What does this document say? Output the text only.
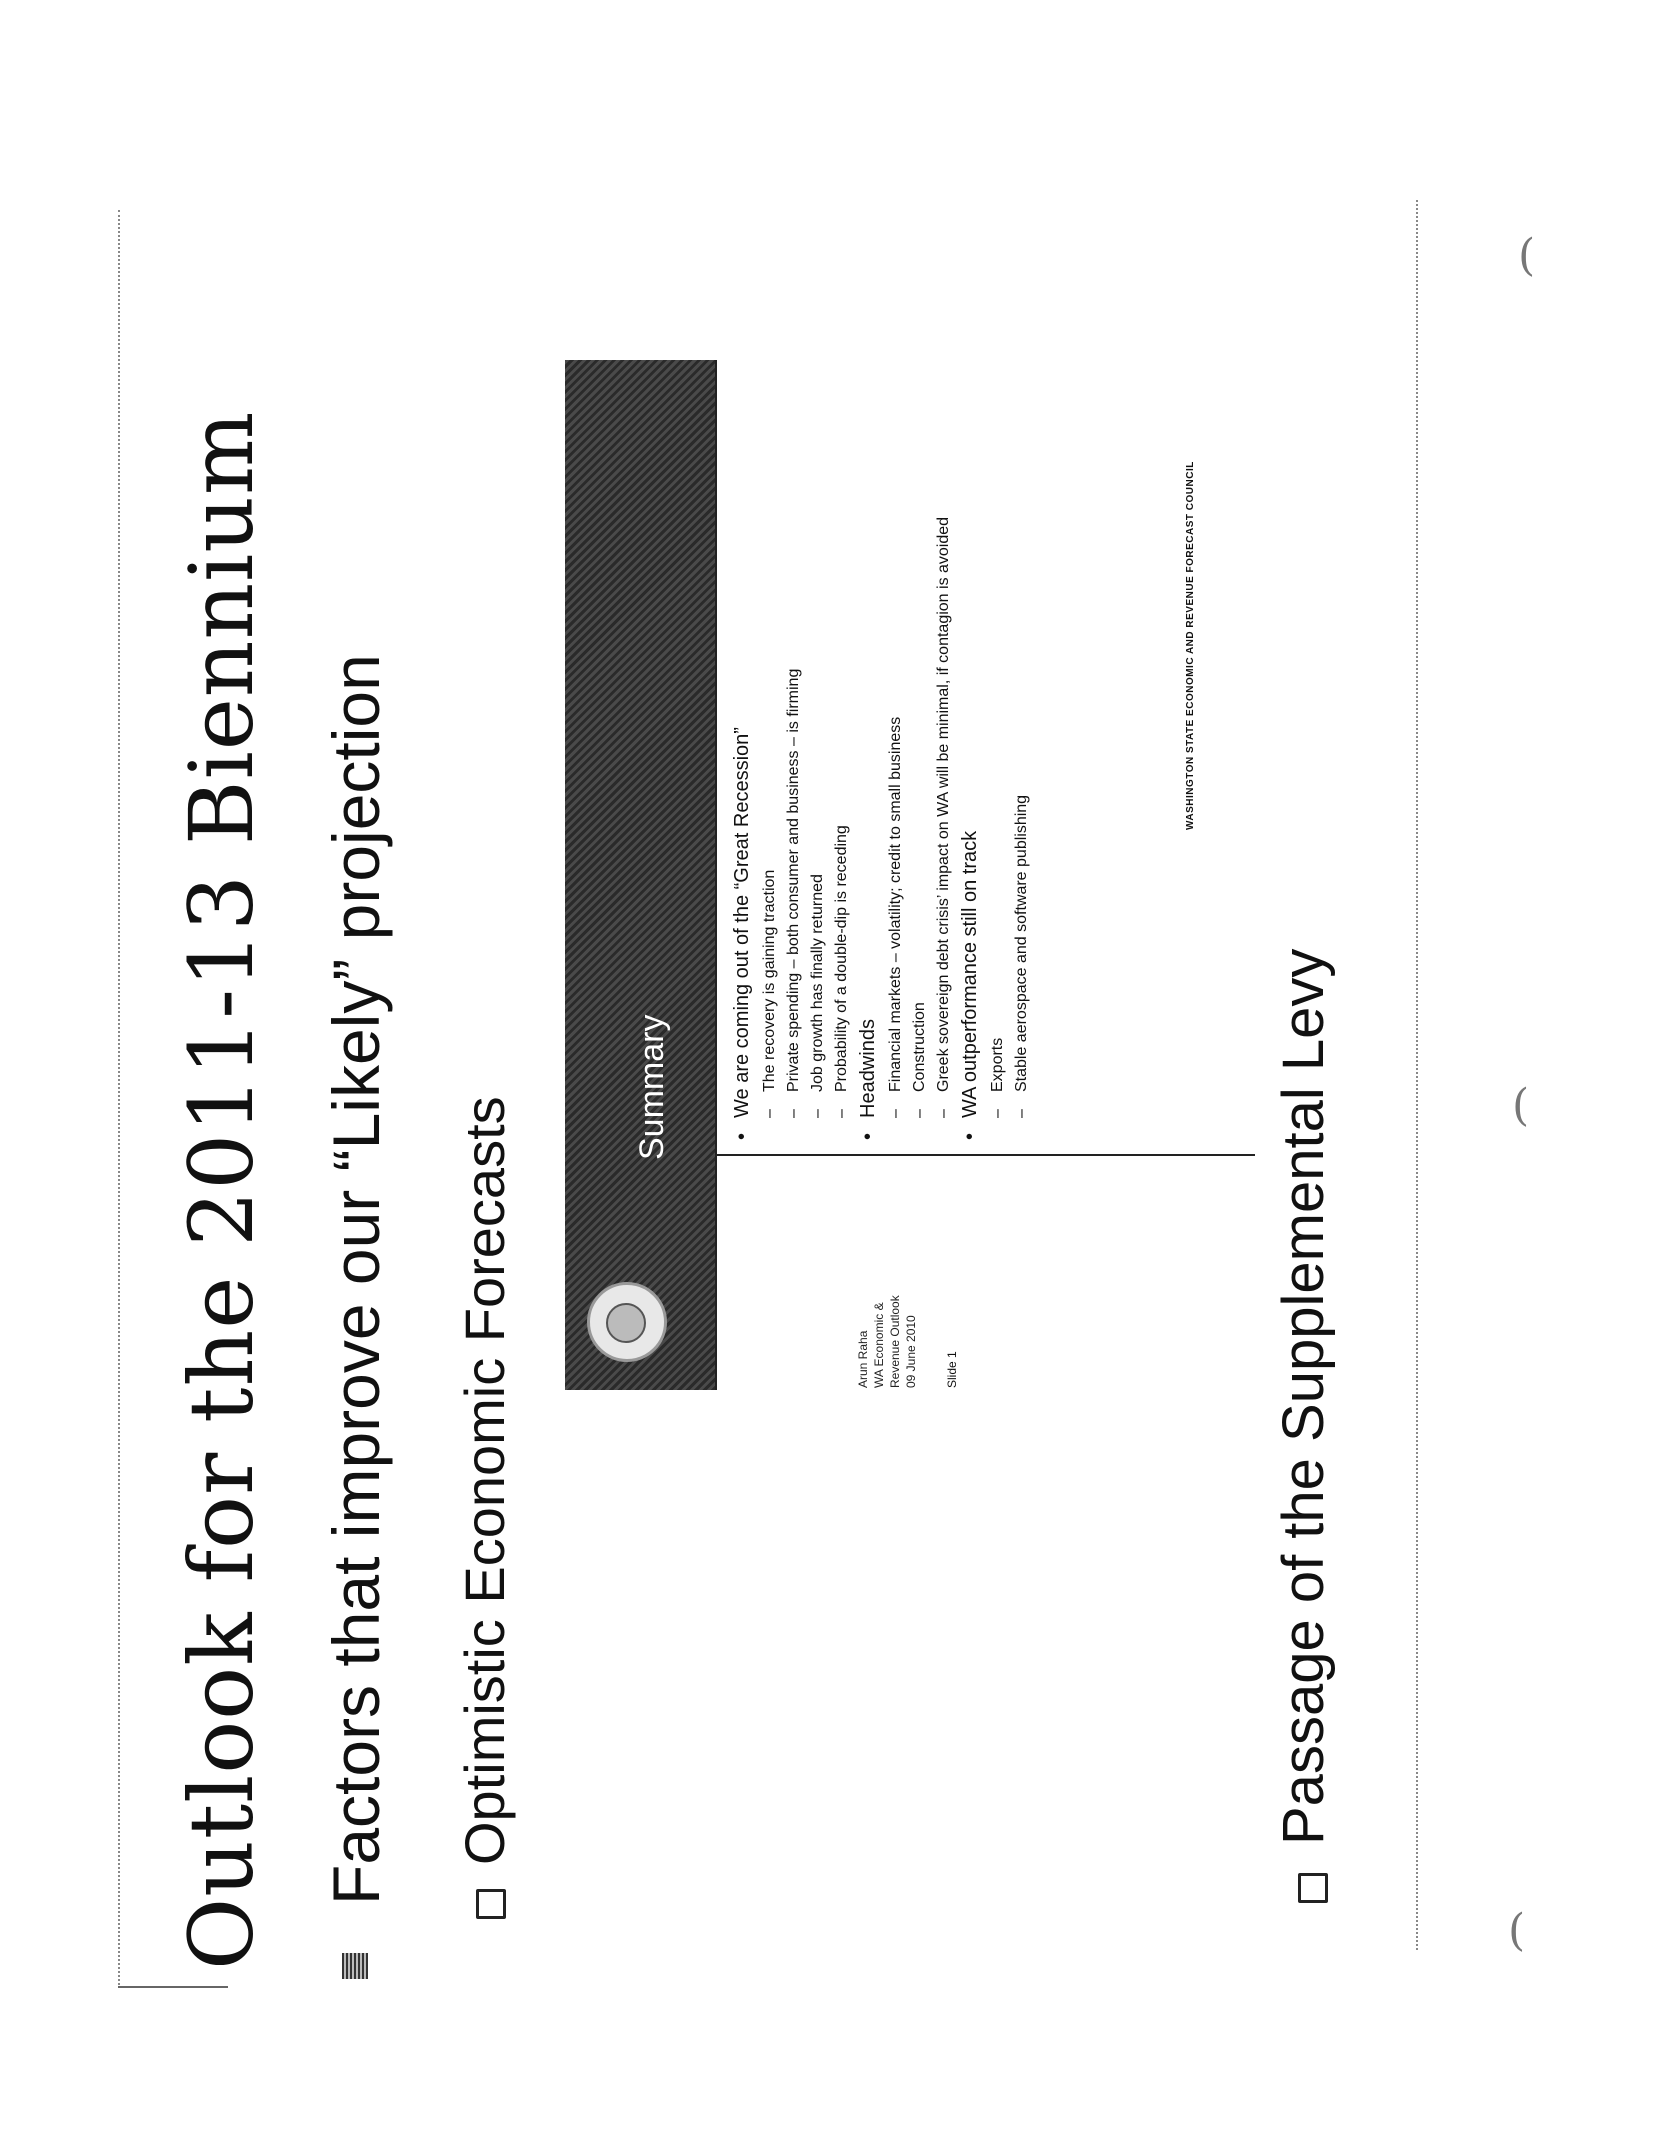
(
(
(
Outlook for the 2011-13 Biennium Factors that improve our “Likely” projection Optimistic Economic Forecasts
Summary
Arun Raha WA Economic & Revenue Outlook 09 June 2010 Slide 1
• We are coming out of the “Great Recession” – The recovery is gaining traction – Private spending – both consumer and business – is firming – Job growth has finally returned – Probability of a double-dip is receding • Headwinds – Financial markets – volatility; credit to small business – Construction – Greek sovereign debt crisis’ impact on WA will be minimal, if contagion is avoided • WA outperformance still on track – Exports – Stable aerospace and software publishing
WASHINGTON STATE ECONOMIC AND REVENUE FORECAST COUNCIL
Passage of the Supplemental Levy
